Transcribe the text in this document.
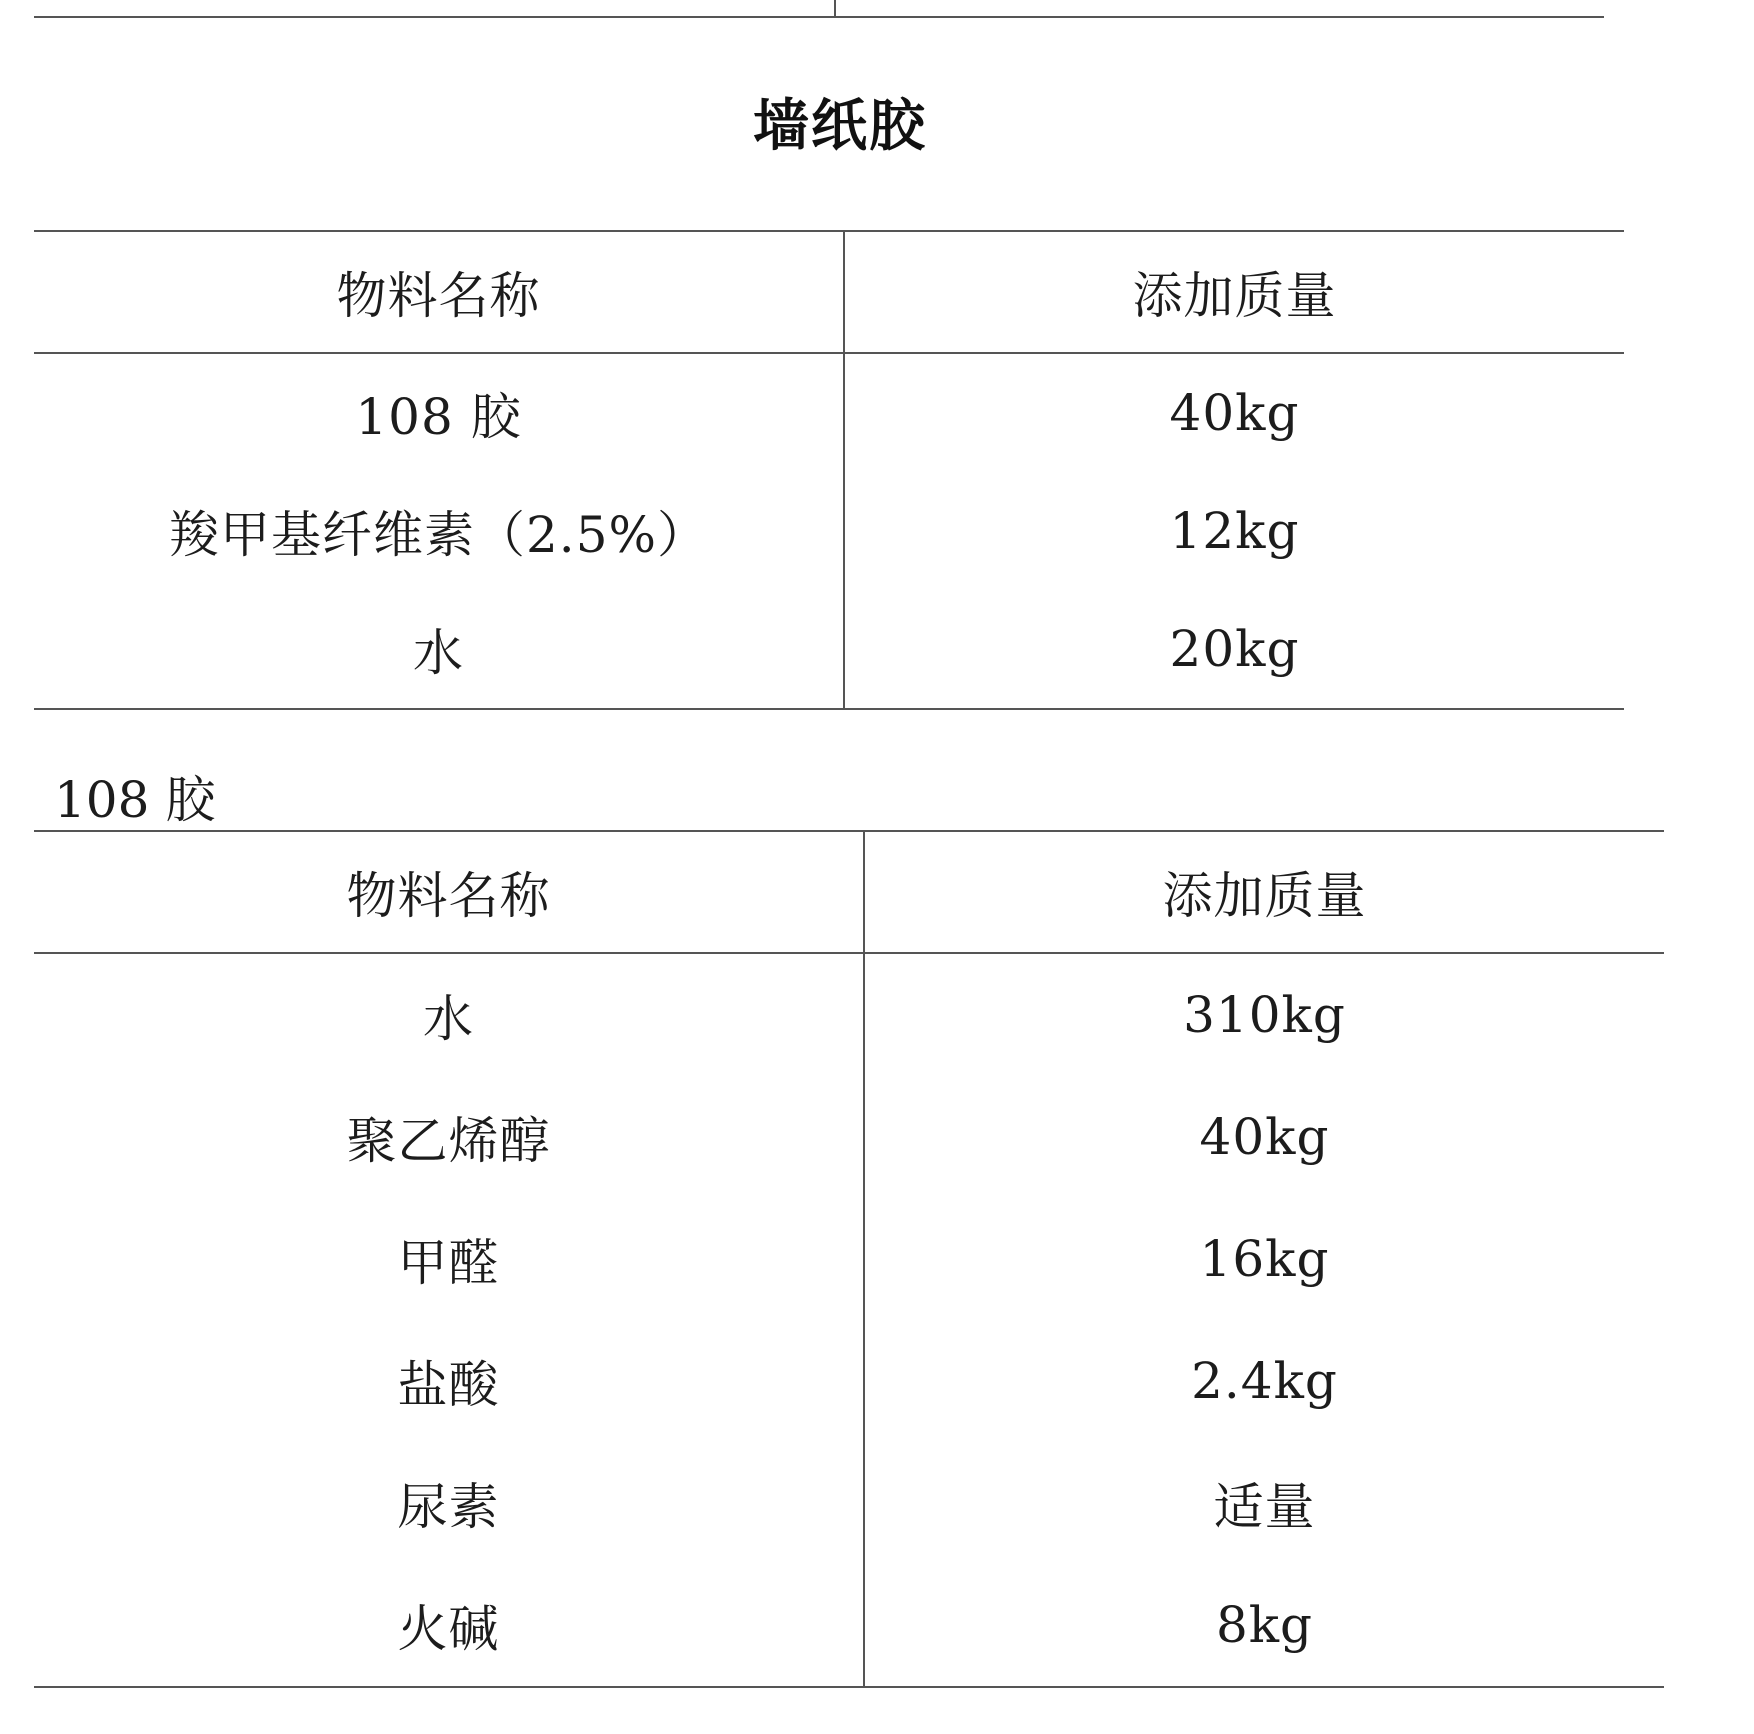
墙纸胶
物料名称	添加质量
108 胶	40kg
羧甲基纤维素（2.5%）	12kg
水	20kg
108 胶
物料名称	添加质量
水	310kg
聚乙烯醇	40kg
甲醛	16kg
盐酸	2.4kg
尿素	适量
火碱	8kg
